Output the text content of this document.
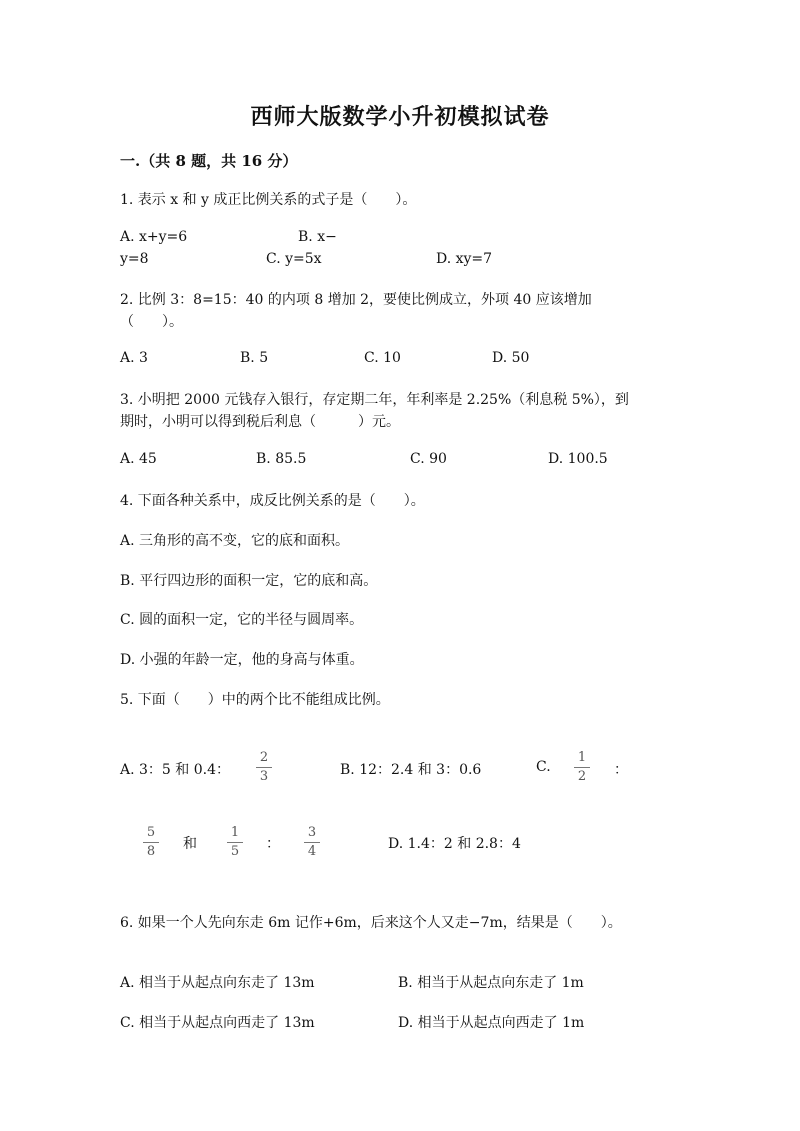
西师大版数学小升初模拟试卷
一.（共 8 题，共 16 分）
1. 表示 x 和 y 成正比例关系的式子是（　　）。
A. x+y=6	B. x−
y=8	C. y=5x	D. xy=7
2. 比例 3：8=15：40 的内项 8 增加 2，要使比例成立，外项 40 应该增加
（　　）。
A. 3	B. 5	C. 10	D. 50
3. 小明把 2000 元钱存入银行，存定期二年，年利率是 2.25%（利息税 5%），到
期时，小明可以得到税后利息（　　　）元。
A. 45	B. 85.5	C. 90	D. 100.5
4. 下面各种关系中，成反比例关系的是（　　）。
A. 三角形的高不变，它的底和面积。
B. 平行四边形的面积一定，它的底和高。
C. 圆的面积一定，它的半径与圆周率。
D. 小强的年龄一定，他的身高与体重。
5. 下面（　　）中的两个比不能组成比例。
A. 3：5 和 0.4：
2
3	B. 12：2.4 和 3：0.6	C.
1
2	：
5
8	和
1
5	：
3
4	D. 1.4：2 和 2.8：4
6. 如果一个人先向东走 6m 记作+6m，后来这个人又走−7m，结果是（　　）。
A. 相当于从起点向东走了 13m	B. 相当于从起点向东走了 1m
C. 相当于从起点向西走了 13m	D. 相当于从起点向西走了 1m
